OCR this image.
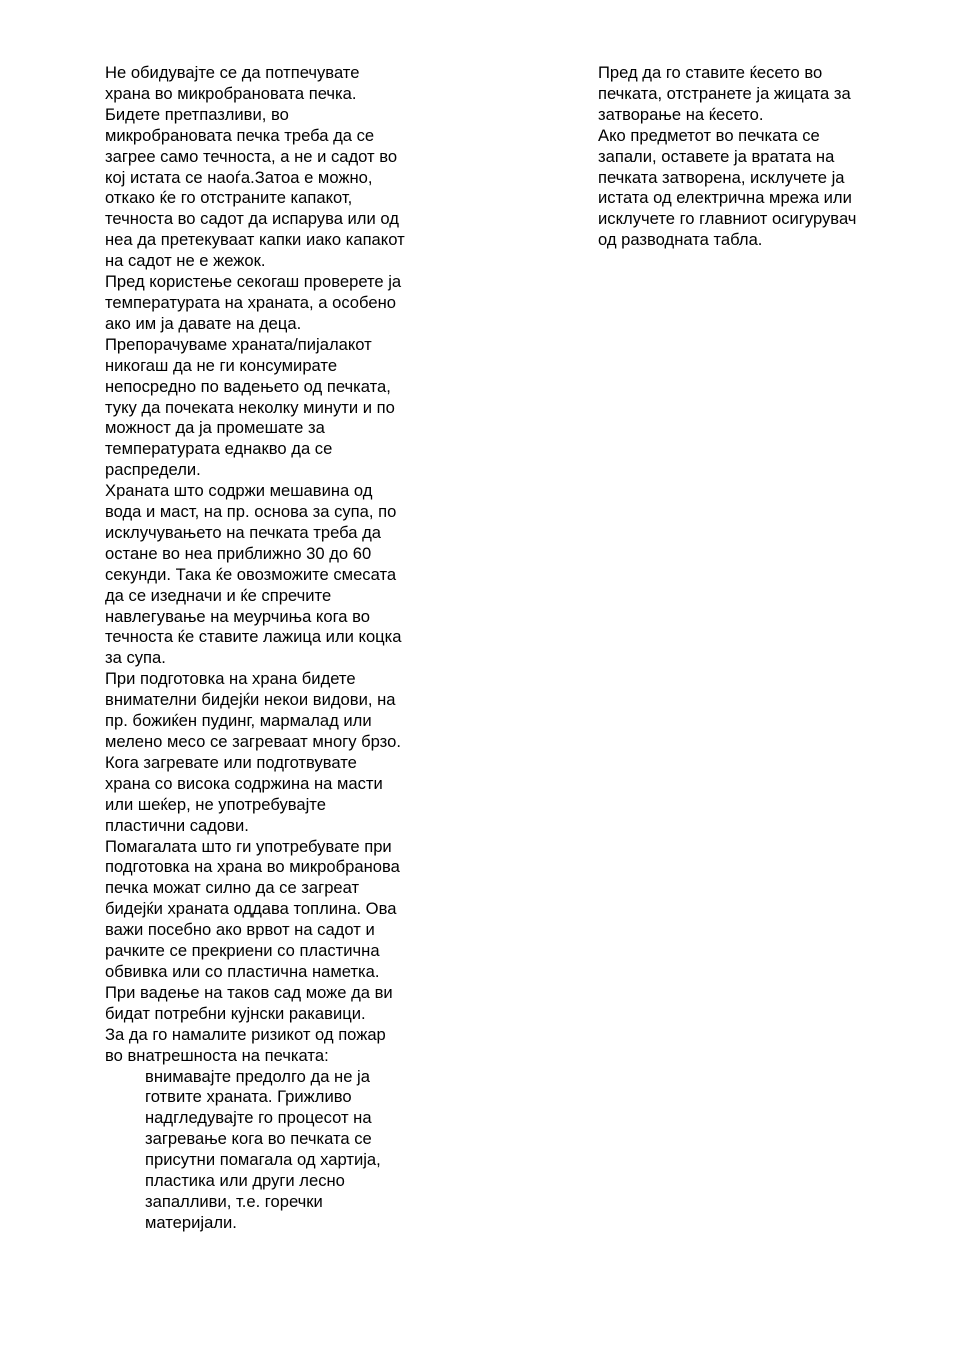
Не обидувајте се да потпечувате
храна во микробрановата печка.

Бидете претпазливи, во
микробрановата печка треба да се
загрее само течноста, а не и садот во
кој истата се наоѓа.Затоа е можно,
откако ќе го отстраните капакот,
течноста во садот да испарува или од
неа да претекуваат капки иако капакот
на садот не е жежок.

Пред користење секогаш проверете ја
температурата на храната, а особено
ако им ја давате на деца.

Препорачуваме храната/пијалакот
никогаш да не ги консумирате
непосредно по вадењето од печката,
туку да почеката неколку минути и по
можност да ја промешате за
температурата еднакво да се
распредели.

Храната што содржи мешавина од
вода и маст, на пр. основа за супа, по
исклучувањето на печката треба да
остане во неа приближно 30 до 60
секунди. Така ќе овозможите смесата
да се изедначи и ќе спречите
навлегување на меурчиња кога во
течноста ќе ставите лажица или коцка
за супа.

При подготовка на храна бидете
внимателни бидејќи некои видови, на
пр. божиќен пудинг, мармалад или
мелено месо се загреваат многу брзо.

Кога загревате или подготвувате
храна со висока содржина на масти
или шеќер, не употребувајте
пластични садови.

Помагалата што ги употребувате при
подготовка на храна во микробранова
печка можат силно да се загреат
бидејќи храната оддава топлина. Ова
важи посебно ако врвот на садот и
рачките се прекриени со пластична
обвивка или со пластична наметка.
При вадење на таков сад може да ви
бидат потребни кујнски ракавици.

За да го намалите ризикот од пожар
во внатрешноста на печката:

внимавајте предолго да не ја
готвите храната. Грижливо
надгледувајте го процесот на
загревање кога во печката се
присутни помагала од хартија,
пластика или други лесно
запалливи, т.е. горечки
материјали.

Пред да го ставите ќесето во
печката, отстранете ја жицата за
затворање на ќесето.

Ако предметот во печката се
запали, оставете ја вратата на
печката затворена, исклучете ја
истата од електрична мрежа или
исклучете го главниот осигурувач
од разводната табла.
